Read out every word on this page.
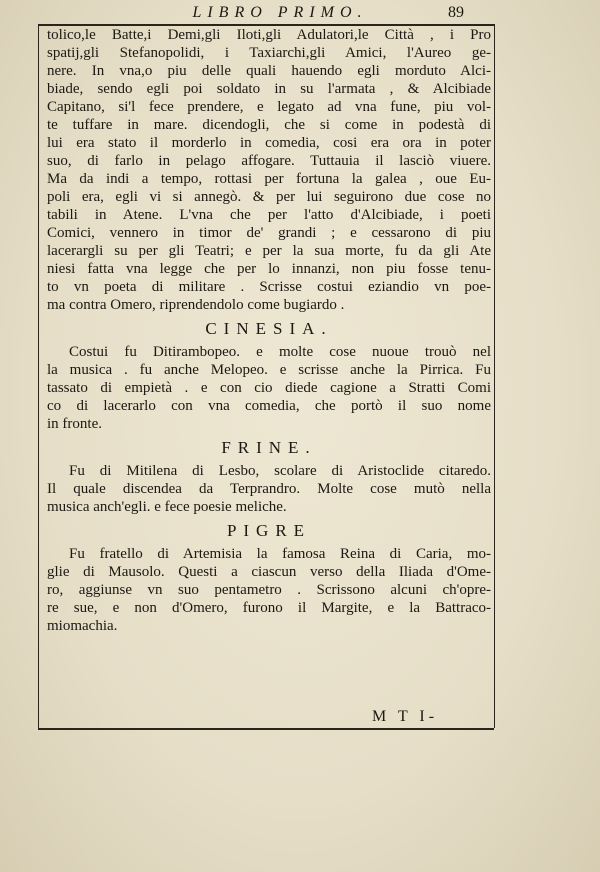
LIBRO PRIMO.	89
tolico,le Batte,i Demi,gli Iloti,gli Adulatori,le Città , i Pro
spatij,gli Stefanopolidi, i Taxiarchi,gli Amici, l'Aureo ge-
nere. In vna,o piu delle quali hauendo egli morduto Alci-
biade, sendo egli poi soldato in su l'armata , & Alcibiade
Capitano, si'l fece prendere, e legato ad vna fune, piu vol-
te tuffare in mare. dicendogli, che si come in podestà di
lui era stato il morderlo in comedia, cosi era ora in poter
suo, di farlo in pelago affogare. Tuttauia il lasciò viuere.
Ma da indi a tempo, rottasi per fortuna la galea , oue Eu-
poli era, egli vi si annegò. & per lui seguirono due cose no
tabili in Atene. L'vna che per l'atto d'Alcibiade, i poeti
Comici, vennero in timor de' grandi ; e cessarono di piu
lacerargli su per gli Teatri; e per la sua morte, fu da gli Ate
niesi fatta vna legge che per lo innanzi, non piu fosse tenu-
to vn poeta di militare . Scrisse costui eziandio vn poe-
ma contra Omero, riprendendolo come bugiardo .
CINESIA.
Costui fu Ditirambopeo. e molte cose nuoue trouò nel
la musica . fu anche Melopeo. e scrisse anche la Pirrica. Fu
tassato di empietà . e con cio diede cagione a Stratti Comi
co di lacerarlo con vna comedia, che portò il suo nome
in fronte.
FRINE.
Fu di Mitilena di Lesbo, scolare di Aristoclide citaredo.
Il quale discendea da Terprandro. Molte cose mutò nella
musica anch'egli. e fece poesie meliche.
PIGRE
Fu fratello di Artemisia la famosa Reina di Caria, mo-
glie di Mausolo. Questi a ciascun verso della Iliada d'Ome-
ro, aggiunse vn suo pentametro . Scrissono alcuni ch'opre-
re sue, e non d'Omero, furono il Margite, e la Battraco-
miomachia.
M T I-
